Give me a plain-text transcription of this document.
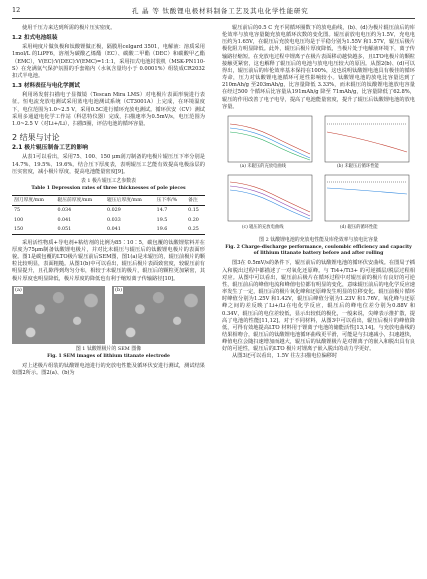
12	孔 晶 等 钛酸锂电极材料制备工艺及其电化学性能研究

使用千压力来达到所需的极片压实密度。

1.2 扣式电池组装

采用纯度片做负极和钛酸锂做正极，隔膜用celgard 3501，电解液：溶质采用1mol/L 的LiPF6，溶剂为碳酸乙烯酯（EC）、碳酸二甲酯（DEC）和碳酸甲乙酯（EMC），V(EC)∶V(DEC)∶V(EMC)=1∶1∶1，采用扣式电池封装机（MSK-PN110-S）在充满氩气保护氛围的手套箱内（水氧含量均小于 0.0001%）组装成CR2032扣式半电池。

1.3 材料表征与电化学测试

利用场发射扫描电子显微镜（Tescan Mira LMS）对电极片表面形貌进行表征。恒电流充放电测试采用蓝电电池测试系统（CT3001A）上完成，在环境温度下，电位范围为1.0~2.5 V，采用0.5C进行循环充放电测试。循环伏安（CV）测试采用多通道电化学工作站（科思特仪器）完成，扫描速率为0.5mV/s，电压范围为1.0~2.5 V（对Li+/Li），扫描5圈，评估电池的循环容量。

2 结果与讨论
2.1 极片辊压制备工艺的影响

从表1可以看出，采用75、100、150 μm刮刀制备的电极片辊压压下率分别是14.7%、19.5%、19.6%。结合压下厚度表，表明辊压工艺能有效提高电极涂层的压实密度，减小极片厚度，提高电池能量密度[9]。

表 1 极片辊压工艺参数表
Table 1 Depression rates of three thicknesses of pole pieces
刮刀厚度/mm	辊压前厚度/mm	辊压后厚度/mm	压下率/%	备注
75	0.034	0.029	14.7	0.15
100	0.041	0.033	19.5	0.20
150	0.051	0.041	19.6	0.25

采用活性物质+导电剂+粘结剂的比例为85∶10∶5，碳包覆的钛酸锂浆料并在厚度为75μm制备钛酸锂电极片，并对比未辊压与辊压后的钛酸锂电极片的表面形貌。图1是碳包覆的LTO极片辊压前后SEM图，图1(a)是未辊压的，辊压前极片的颗粒比较明显，表面粗糙。从图1(b)中可以看出，辊压后极片表面致密度，较辊压前有明显提升，且孔隙得到均匀分布，相较于未辊压的极片，辊压后的颗粒更加紧密，其极片厚度也明显降低，极片厚度的降低也有利于缩短离子传输路径[10]。

(a)	(b)
图 1 钛酸锂极片的 SEM 图像
Fig. 1 SEM images of lithium titanate electrode

对上述极片组装的钛酸锂电池进行的充放电性能及循环伏安进行测试，测试结果如图2所示。图2(a)、(b)为

辊压前后的0.5 C 充不同循环圈数下的放电曲线，(b)、(d)为极片辊压前后的库伦效率与放电容量随充放电循环次数的变化图。辊压前放电电压约为1.5V，充电电压约为1.65V，在辊压后充放电电压均是于平稳分别为1.55V 和1.57V，辊压后极片极化阻力明显降低。此外，辊压后极片厚度降低，当极片处于电解液环境下，离子传输路径缩短。在充放电过程中锂离子在极片表面移动越快越多，且LTO电极片的颗粒接触更紧密，这也解释了辊压后的电池与放电电压较大的原因。从图2(b)、(d)可以得出，辊压前后的库伦效率基本保持在100%，这也说明钛酸锂电池具有极佳的循环寿命，压力对钛酸锂电池循环可逆性影响较小。钛酸锂电池的放电比容量达到了210mAh/g 至203mAh/g，比容量降低 3.33%，而未辊压的钛酸锂电池放电容量在经过500 个循环后比容量从191mAh/g 降至 71mAh/g，比容量降低了62.8%，辊压的作用改善了电子电导，提高了电池能量密度，提升了辊压后钛酸锂电池的放电容量。

(a) 未辊压的充放电曲线	(b) 未辊压后循环性能
(c) 辊压的充放电曲线	(d) 辊压的循环性能
图 2 钛酸锂电池的充放电性能及库伦效率与放电比容量
Fig. 2 Charge-discharge performance, coulombic efficiency and capacity of lithium titanate battery before and after rolling

图3在 0.5mV/s的条件下，辊压前后的钛酸锂电池的循环伏安曲线。在图局子插入和脱出过程中都描述了一对氧化还原峰。与 Ti4+/Ti3+ 的可逆插层/脱层过程相对应。从图中可以看出，辊压前后极片在循环过程中对辊压前的极片有良好的可逆性，辊压前后的峰值电流和峰值电位都有明显的变化，意味辊压前后的电化学反应速率发生了一定，辊压后的极片氧化峰和还原峰发生明显的位移变化。辊压前极片循环时峰值分别为1.25V 和1.42V，辊压后峰值分别为1.23V 和1.76V。氧化峰与还原峰之间的差反映了Li+/Li在电化学反应，辊压后的峰电位差分别为0.88V 和 0.34V，辊压后的电位差较低，显示出较低的极化，一般来说，尖峰表示推扩散，提高了电池的性能[11,12]。对于不同材料，从图3中可以看出，辊压后极片的峰值降低，可得有效地提高LTO 材料用于锂离子电池的储能活性[13,14]。与充放电曲线的结果相吻合，辊压后的钛酸锂电池循环曲线更平滑，可能是与扫速减小，扫速越快，峰值电位会随扫速增加而越大，辊压后的钛酸锂极片是对锂离子的嵌入和脱出具有良好的可逆性，辊压后的LTO 极片对锂离子嵌入脱出的动力学更好。

从图3还可以看出，1.5V 往左扫描电位偏移时
